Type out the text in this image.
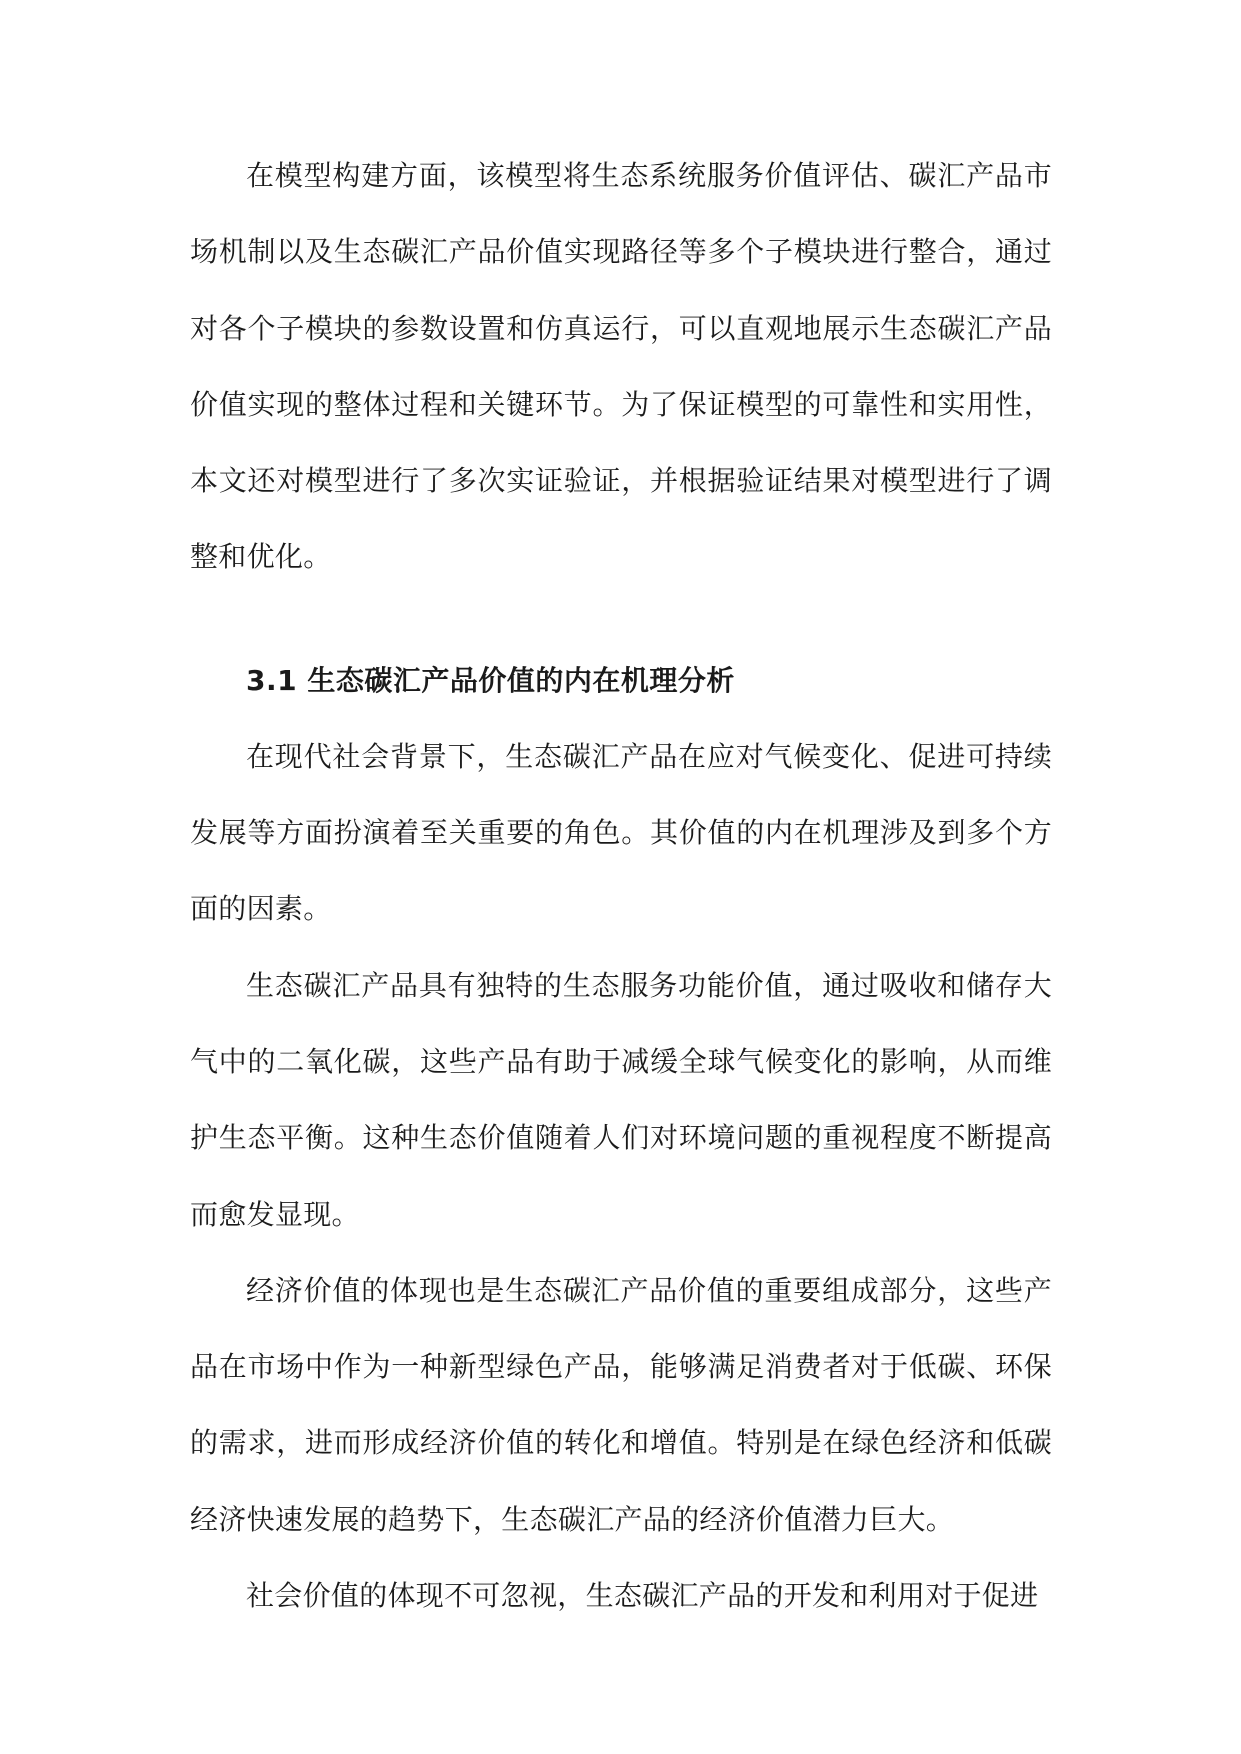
在模型构建方面，该模型将生态系统服务价值评估、碳汇产品市场机制以及生态碳汇产品价值实现路径等多个子模块进行整合，通过对各个子模块的参数设置和仿真运行，可以直观地展示生态碳汇产品价值实现的整体过程和关键环节。为了保证模型的可靠性和实用性，本文还对模型进行了多次实证验证，并根据验证结果对模型进行了调整和优化。

3.1 生态碳汇产品价值的内在机理分析

在现代社会背景下，生态碳汇产品在应对气候变化、促进可持续发展等方面扮演着至关重要的角色。其价值的内在机理涉及到多个方面的因素。

生态碳汇产品具有独特的生态服务功能价值，通过吸收和储存大气中的二氧化碳，这些产品有助于减缓全球气候变化的影响，从而维护生态平衡。这种生态价值随着人们对环境问题的重视程度不断提高而愈发显现。

经济价值的体现也是生态碳汇产品价值的重要组成部分，这些产品在市场中作为一种新型绿色产品，能够满足消费者对于低碳、环保的需求，进而形成经济价值的转化和增值。特别是在绿色经济和低碳经济快速发展的趋势下，生态碳汇产品的经济价值潜力巨大。

社会价值的体现不可忽视，生态碳汇产品的开发和利用对于促进
